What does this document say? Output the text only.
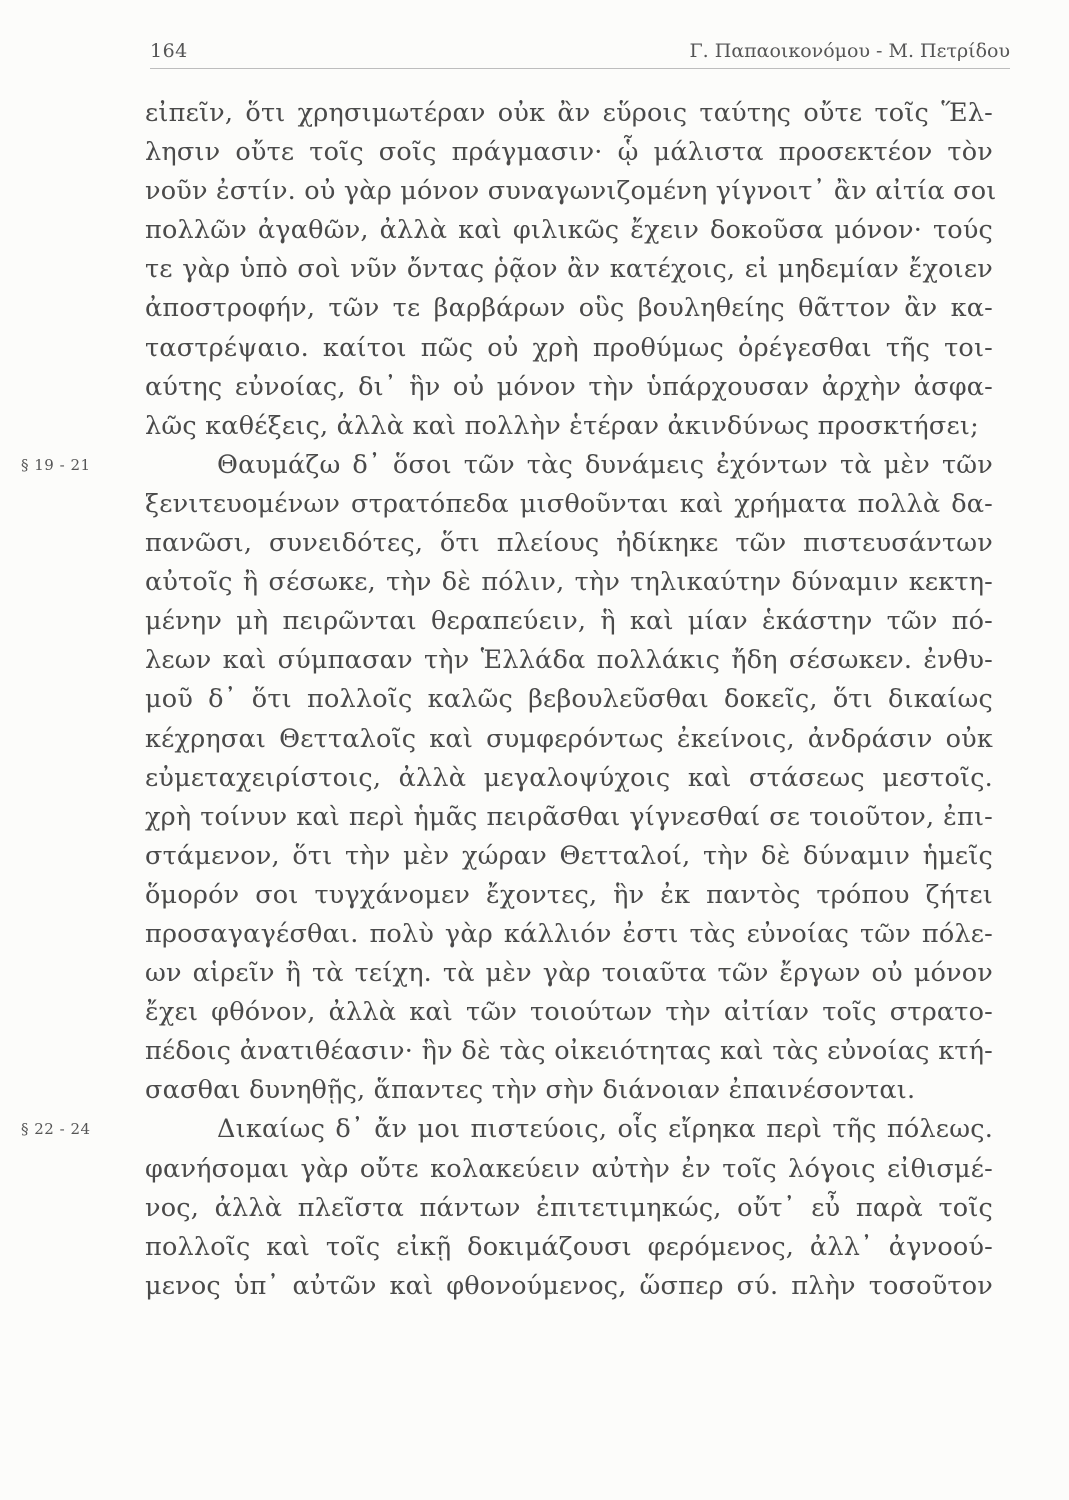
164	Γ. Παπαοικονόμου - Μ. Πετρίδου
εἰπεῖν, ὅτι χρησιμωτέραν οὐκ ἂν εὕροις ταύτης οὔτε τοῖς Ἕλ-
λησιν οὔτε τοῖς σοῖς πράγμασιν· ᾧ μάλιστα προσεκτέον τὸν
νοῦν ἐστίν. οὐ γὰρ μόνον συναγωνιζομένη γίγνοιτ᾽ ἂν αἰτία σοι
πολλῶν ἀγαθῶν, ἀλλὰ καὶ φιλικῶς ἔχειν δοκοῦσα μόνον· τούς
τε γὰρ ὑπὸ σοὶ νῦν ὄντας ῥᾷον ἂν κατέχοις, εἰ μηδεμίαν ἔχοιεν
ἀποστροφήν, τῶν τε βαρβάρων οὓς βουληθείης θᾶττον ἂν κα-
ταστρέψαιο. καίτοι πῶς οὐ χρὴ προθύμως ὀρέγεσθαι τῆς τοι-
αύτης εὐνοίας, δι᾽ ἣν οὐ μόνον τὴν ὑπάρχουσαν ἀρχὴν ἀσφα-
λῶς καθέξεις, ἀλλὰ καὶ πολλὴν ἑτέραν ἀκινδύνως προσκτήσει;
§ 19 - 21	Θαυμάζω δ᾽ ὅσοι τῶν τὰς δυνάμεις ἐχόντων τὰ μὲν τῶν
ξενιτευομένων στρατόπεδα μισθοῦνται καὶ χρήματα πολλὰ δα-
πανῶσι, συνειδότες, ὅτι πλείους ἠδίκηκε τῶν πιστευσάντων
αὐτοῖς ἢ σέσωκε, τὴν δὲ πόλιν, τὴν τηλικαύτην δύναμιν κεκτη-
μένην μὴ πειρῶνται θεραπεύειν, ἣ καὶ μίαν ἑκάστην τῶν πό-
λεων καὶ σύμπασαν τὴν Ἑλλάδα πολλάκις ἤδη σέσωκεν. ἐνθυ-
μοῦ δ᾽ ὅτι πολλοῖς καλῶς βεβουλεῦσθαι δοκεῖς, ὅτι δικαίως
κέχρησαι Θετταλοῖς καὶ συμφερόντως ἐκείνοις, ἀνδράσιν οὐκ
εὐμεταχειρίστοις, ἀλλὰ μεγαλοψύχοις καὶ στάσεως μεστοῖς.
χρὴ τοίνυν καὶ περὶ ἡμᾶς πειρᾶσθαι γίγνεσθαί σε τοιοῦτον, ἐπι-
στάμενον, ὅτι τὴν μὲν χώραν Θετταλοί, τὴν δὲ δύναμιν ἡμεῖς
ὅμορόν σοι τυγχάνομεν ἔχοντες, ἣν ἐκ παντὸς τρόπου ζήτει
προσαγαγέσθαι. πολὺ γὰρ κάλλιόν ἐστι τὰς εὐνοίας τῶν πόλε-
ων αἱρεῖν ἢ τὰ τείχη. τὰ μὲν γὰρ τοιαῦτα τῶν ἔργων οὐ μόνον
ἔχει φθόνον, ἀλλὰ καὶ τῶν τοιούτων τὴν αἰτίαν τοῖς στρατο-
πέδοις ἀνατιθέασιν· ἣν δὲ τὰς οἰκειότητας καὶ τὰς εὐνοίας κτή-
σασθαι δυνηθῇς, ἅπαντες τὴν σὴν διάνοιαν ἐπαινέσονται.
§ 22 - 24	Δικαίως δ᾽ ἄν μοι πιστεύοις, οἷς εἴρηκα περὶ τῆς πόλεως.
φανήσομαι γὰρ οὔτε κολακεύειν αὐτὴν ἐν τοῖς λόγοις εἰθισμέ-
νος, ἀλλὰ πλεῖστα πάντων ἐπιτετιμηκώς, οὔτ᾽ εὖ παρὰ τοῖς
πολλοῖς καὶ τοῖς εἰκῇ δοκιμάζουσι φερόμενος, ἀλλ᾽ ἀγνοού-
μενος ὑπ᾽ αὐτῶν καὶ φθονούμενος, ὥσπερ σύ. πλὴν τοσοῦτον
